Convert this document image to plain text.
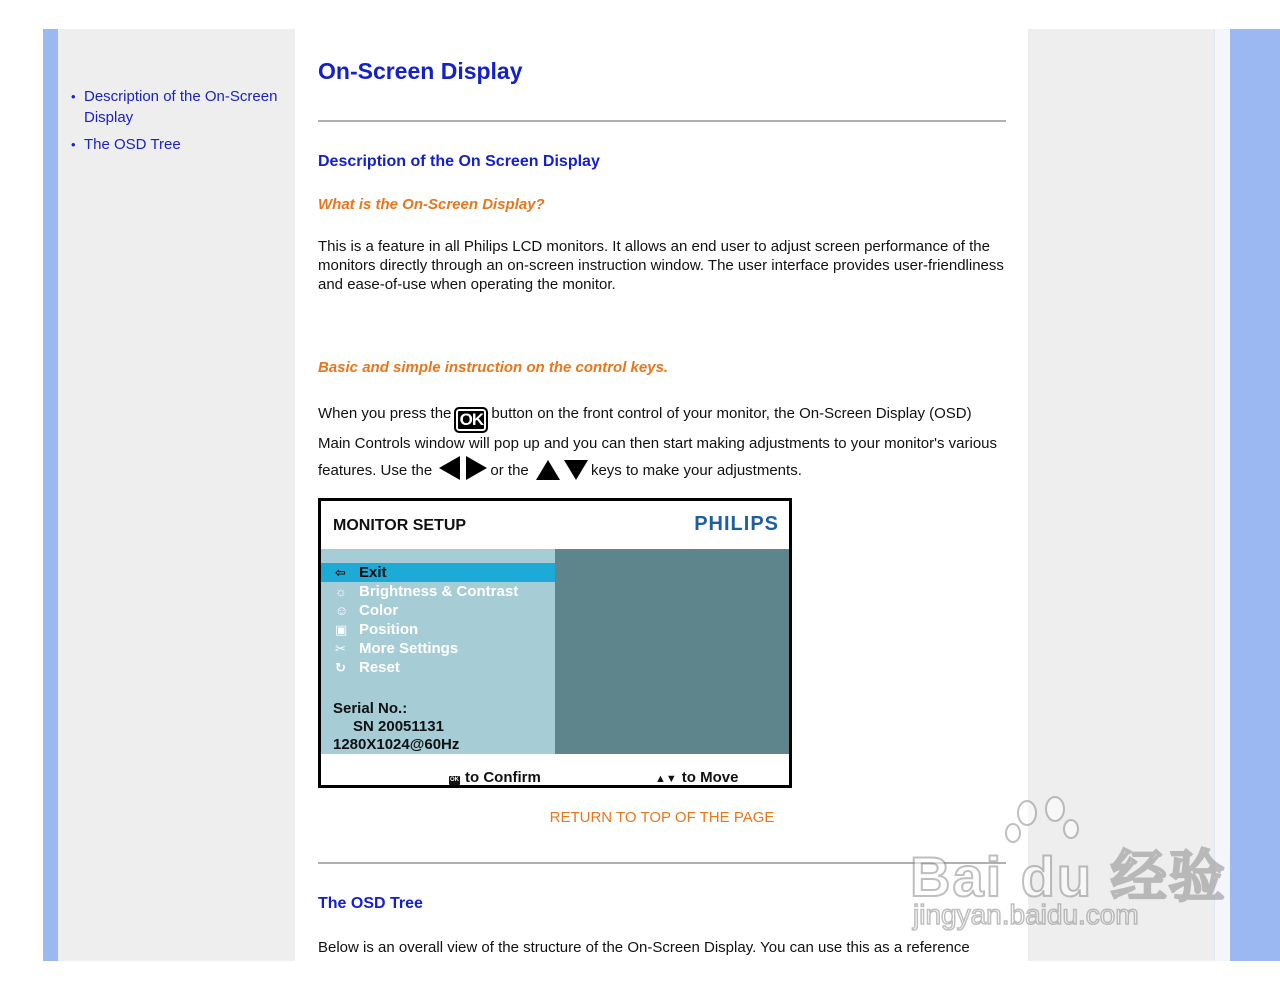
• Description of the On-Screen Display
• The OSD Tree
On-Screen Display
Description of the On Screen Display
What is the On-Screen Display?

This is a feature in all Philips LCD monitors. It allows an end user to adjust screen performance of the monitors directly through an on-screen instruction window. The user interface provides user-friendliness and ease-of-use when operating the monitor.

Basic and simple instruction on the control keys.

When you press the OK button on the front control of your monitor, the On-Screen Display (OSD) Main Controls window will pop up and you can then start making adjustments to your monitor's various features. Use the	or the	keys to make your adjustments.

MONITOR SETUP	PHILIPS
⇦ Exit
☼ Brightness & Contrast
☺ Color
▣ Position
✂ More Settings
↻ Reset
Serial No.:
SN 20051131
1280X1024@60Hz
OK to Confirm	▲▼ to Move
RETURN TO TOP OF THE PAGE
The OSD Tree

Below is an overall view of the structure of the On-Screen Display. You can use this as a reference

Bai du 经验
jingyan.baidu.com
